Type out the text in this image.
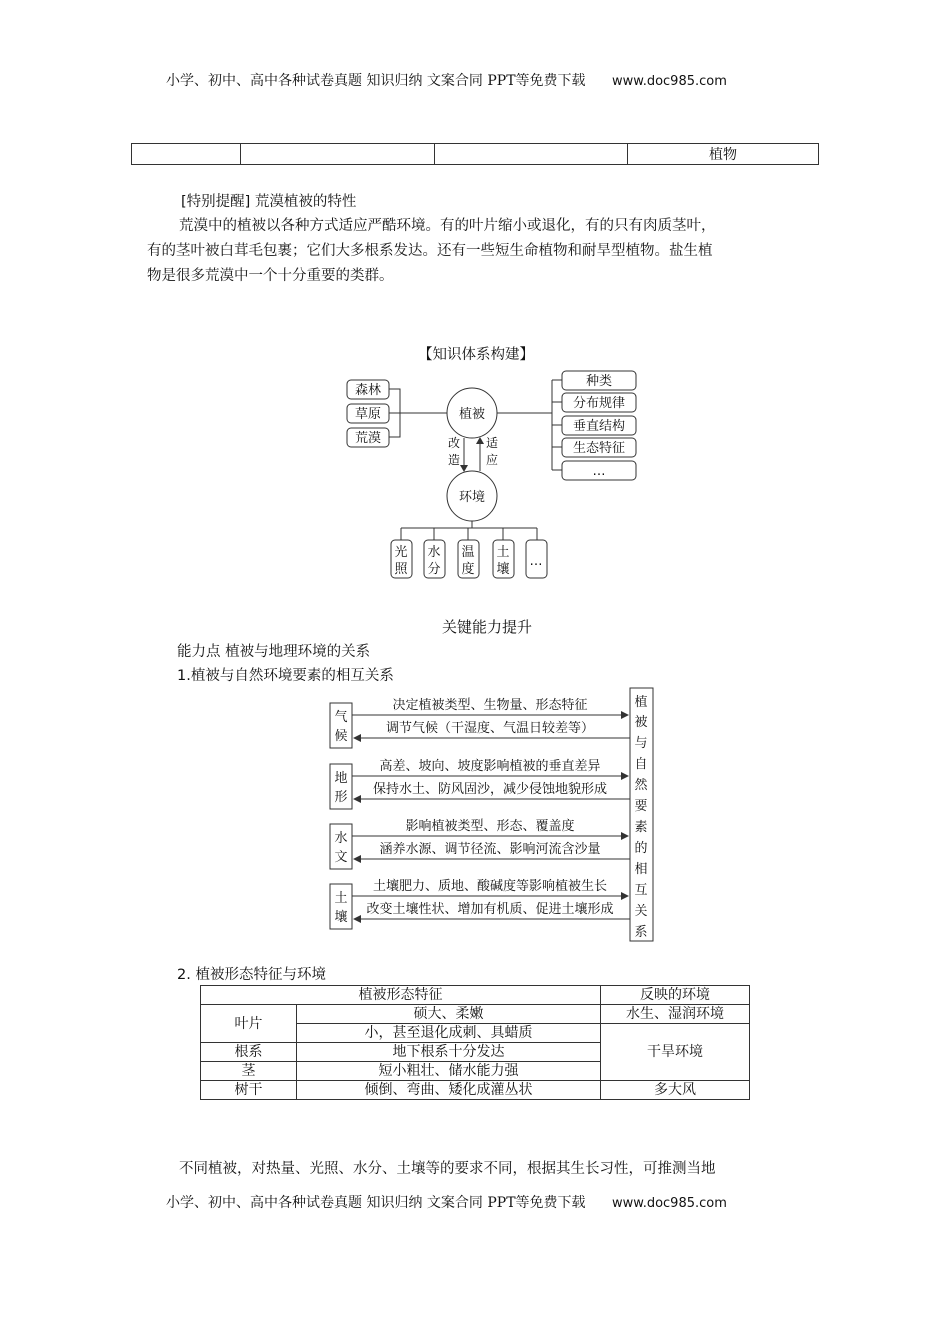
小学、初中、高中各种试卷真题 知识归纳 文案合同 PPT等免费下载 www.doc985.com
			植物
[特别提醒] 荒漠植被的特性
荒漠中的植被以各种方式适应严酷环境。有的叶片缩小或退化，有的只有肉质茎叶，
有的茎叶被白茸毛包裹；它们大多根系发达。还有一些短生命植物和耐旱型植物。盐生植
物是很多荒漠中一个十分重要的类群。
【知识体系构建】
森林
草原
荒漠
植被
环境
改
造
适
应
种类
分布规律
垂直结构
生态特征
…
光
照
水
分
温
度
土
壤
…
关键能力提升
能力点 植被与地理环境的关系
1.植被与自然环境要素的相互关系
气
候
地
形
水
文
土
壤
决定植被类型、生物量、形态特征
调节气候（干湿度、气温日较差等）
高差、坡向、坡度影响植被的垂直差异
保持水土、防风固沙，减少侵蚀地貌形成
影响植被类型、形态、覆盖度
涵养水源、调节径流、影响河流含沙量
土壤肥力、质地、酸碱度等影响植被生长
改变土壤性状、增加有机质、促进土壤形成
植
被
与
自
然
要
素
的
相
互
关
系
2. 植被形态特征与环境
植被形态特征		反映的环境
叶片	硕大、柔嫩	水生、湿润环境
	小，甚至退化成刺、具蜡质	干旱环境
根系	地下根系十分发达	
茎	短小粗壮、储水能力强	
树干	倾倒、弯曲、矮化成灌丛状	多大风
不同植被，对热量、光照、水分、土壤等的要求不同，根据其生长习性，可推测当地
小学、初中、高中各种试卷真题 知识归纳 文案合同 PPT等免费下载 www.doc985.com
